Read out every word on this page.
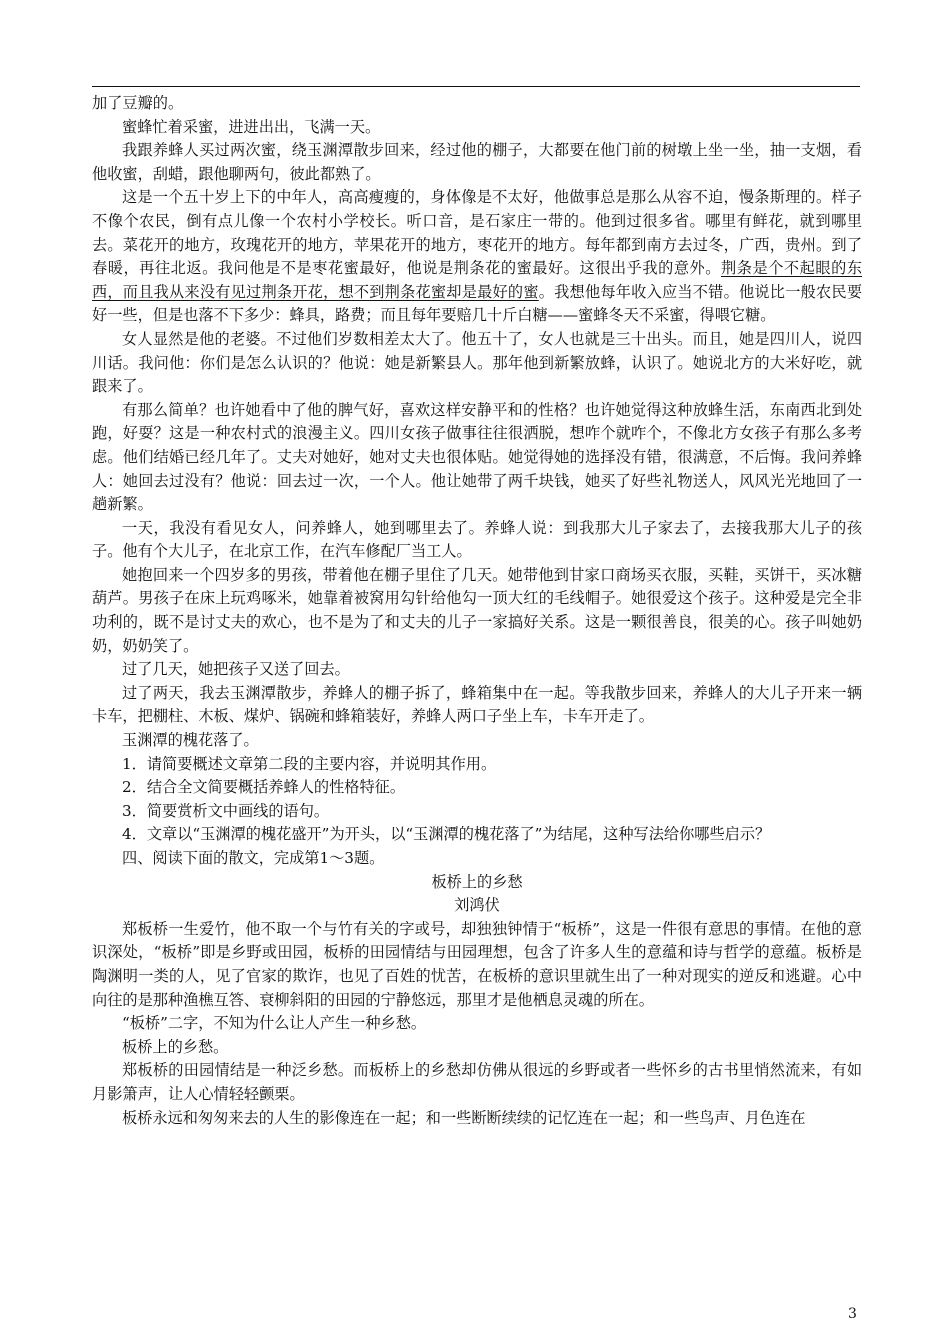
加了豆瓣的。

蜜蜂忙着采蜜，进进出出，飞满一天。

我跟养蜂人买过两次蜜，绕玉渊潭散步回来，经过他的棚子，大都要在他门前的树墩上坐一坐，抽一支烟，看他收蜜，刮蜡，跟他聊两句，彼此都熟了。

这是一个五十岁上下的中年人，高高瘦瘦的，身体像是不太好，他做事总是那么从容不迫，慢条斯理的。样子不像个农民，倒有点儿像一个农村小学校长。听口音，是石家庄一带的。他到过很多省。哪里有鲜花，就到哪里去。菜花开的地方，玫瑰花开的地方，苹果花开的地方，枣花开的地方。每年都到南方去过冬，广西，贵州。到了春暖，再往北返。我问他是不是枣花蜜最好，他说是荆条花的蜜最好。这很出乎我的意外。荆条是个不起眼的东西，而且我从来没有见过荆条开花，想不到荆条花蜜却是最好的蜜。我想他每年收入应当不错。他说比一般农民要好一些，但是也落不下多少：蜂具，路费；而且每年要赔几十斤白糖——蜜蜂冬天不采蜜，得喂它糖。

女人显然是他的老婆。不过他们岁数相差太大了。他五十了，女人也就是三十出头。而且，她是四川人，说四川话。我问他：你们是怎么认识的？他说：她是新繁县人。那年他到新繁放蜂，认识了。她说北方的大米好吃，就跟来了。

有那么简单？也许她看中了他的脾气好，喜欢这样安静平和的性格？也许她觉得这种放蜂生活，东南西北到处跑，好耍？这是一种农村式的浪漫主义。四川女孩子做事往往很洒脱，想咋个就咋个，不像北方女孩子有那么多考虑。他们结婚已经几年了。丈夫对她好，她对丈夫也很体贴。她觉得她的选择没有错，很满意，不后悔。我问养蜂人：她回去过没有？他说：回去过一次，一个人。他让她带了两千块钱，她买了好些礼物送人，风风光光地回了一趟新繁。

一天，我没有看见女人，问养蜂人，她到哪里去了。养蜂人说：到我那大儿子家去了，去接我那大儿子的孩子。他有个大儿子，在北京工作，在汽车修配厂当工人。

她抱回来一个四岁多的男孩，带着他在棚子里住了几天。她带他到甘家口商场买衣服，买鞋，买饼干，买冰糖葫芦。男孩子在床上玩鸡啄米，她靠着被窝用勾针给他勾一顶大红的毛线帽子。她很爱这个孩子。这种爱是完全非功利的，既不是讨丈夫的欢心，也不是为了和丈夫的儿子一家搞好关系。这是一颗很善良，很美的心。孩子叫她奶奶，奶奶笑了。

过了几天，她把孩子又送了回去。

过了两天，我去玉渊潭散步，养蜂人的棚子拆了，蜂箱集中在一起。等我散步回来，养蜂人的大儿子开来一辆卡车，把棚柱、木板、煤炉、锅碗和蜂箱装好，养蜂人两口子坐上车，卡车开走了。

玉渊潭的槐花落了。

1．请简要概述文章第二段的主要内容，并说明其作用。

2．结合全文简要概括养蜂人的性格特征。

3．简要赏析文中画线的语句。

4．文章以“玉渊潭的槐花盛开”为开头，以“玉渊潭的槐花落了”为结尾，这种写法给你哪些启示？

四、阅读下面的散文，完成第1～3题。

板桥上的乡愁

刘鸿伏

郑板桥一生爱竹，他不取一个与竹有关的字或号，却独独钟情于“板桥”，这是一件很有意思的事情。在他的意识深处，“板桥”即是乡野或田园，板桥的田园情结与田园理想，包含了许多人生的意蕴和诗与哲学的意蕴。板桥是陶渊明一类的人，见了官家的欺诈，也见了百姓的忧苦，在板桥的意识里就生出了一种对现实的逆反和逃避。心中向往的是那种渔樵互答、衰柳斜阳的田园的宁静悠远，那里才是他栖息灵魂的所在。

“板桥”二字，不知为什么让人产生一种乡愁。

板桥上的乡愁。

郑板桥的田园情结是一种泛乡愁。而板桥上的乡愁却仿佛从很远的乡野或者一些怀乡的古书里悄然流来，有如月影箫声，让人心情轻轻颤栗。

板桥永远和匆匆来去的人生的影像连在一起；和一些断断续续的记忆连在一起；和一些鸟声、月色连在

3
